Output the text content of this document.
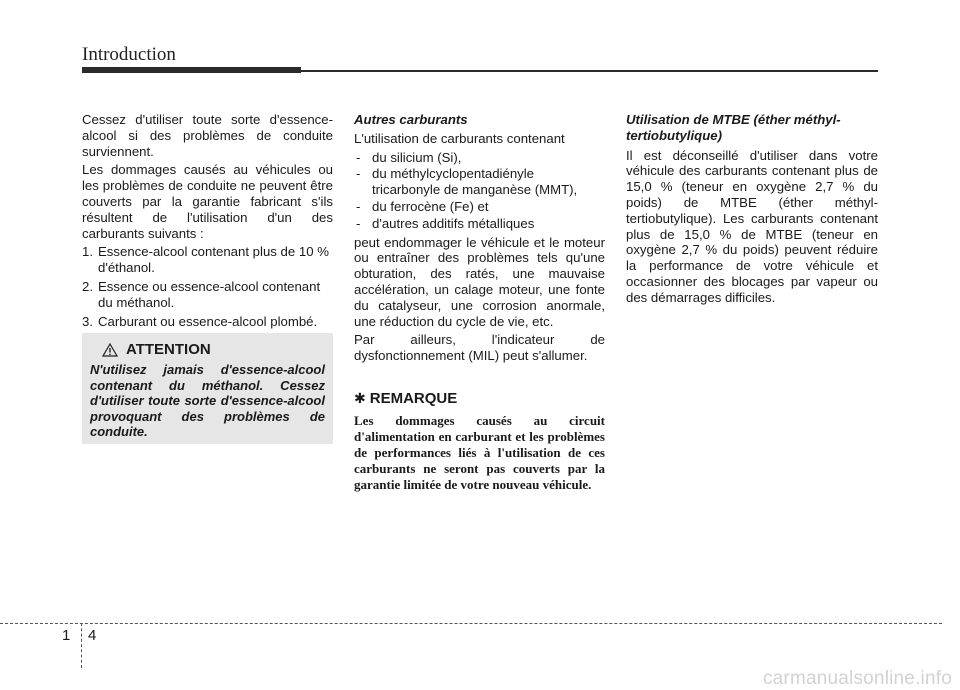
Introduction

Cessez d'utiliser toute sorte d'essence-alcool si des problèmes de conduite surviennent.

Les dommages causés au véhicules ou les problèmes de conduite ne peuvent être couverts par la garantie fabricant s'ils résultent de l'utilisation d'un des carburants suivants :

1. Essence-alcool contenant plus de 10 % d'éthanol.
2. Essence ou essence-alcool contenant du méthanol.
3. Carburant ou essence-alcool plombé.
ATTENTION
N'utilisez jamais d'essence-alcool contenant du méthanol. Cessez d'utiliser toute sorte d'essence-alcool provoquant des problèmes de conduite.

Autres carburants

L'utilisation de carburants contenant

- du silicium (Si),
- du méthylcyclopentadiényle tricarbonyle de manganèse (MMT),
- du ferrocène (Fe) et
- d'autres additifs métalliques

peut endommager le véhicule et le moteur ou entraîner des problèmes tels qu'une obturation, des ratés, une mauvaise accélération, un calage moteur, une fonte du catalyseur, une corrosion anormale, une réduction du cycle de vie, etc.

Par ailleurs, l'indicateur de dysfonctionnement (MIL) peut s'allumer.

✱ REMARQUE
Les dommages causés au circuit d'alimentation en carburant et les problèmes de performances liés à l'utilisation de ces carburants ne seront pas couverts par la garantie limitée de votre nouveau véhicule.

Utilisation de MTBE (éther méthyl-tertiobutylique)

Il est déconseillé d'utiliser dans votre véhicule des carburants contenant plus de 15,0 % (teneur en oxygène 2,7 % du poids) de MTBE (éther méthyl-tertiobutylique). Les carburants contenant plus de 15,0 % de MTBE (teneur en oxygène 2,7 % du poids) peuvent réduire la performance de votre véhicule et occasionner des blocages par vapeur ou des démarrages difficiles.

1 4
carmanualsonline.info
